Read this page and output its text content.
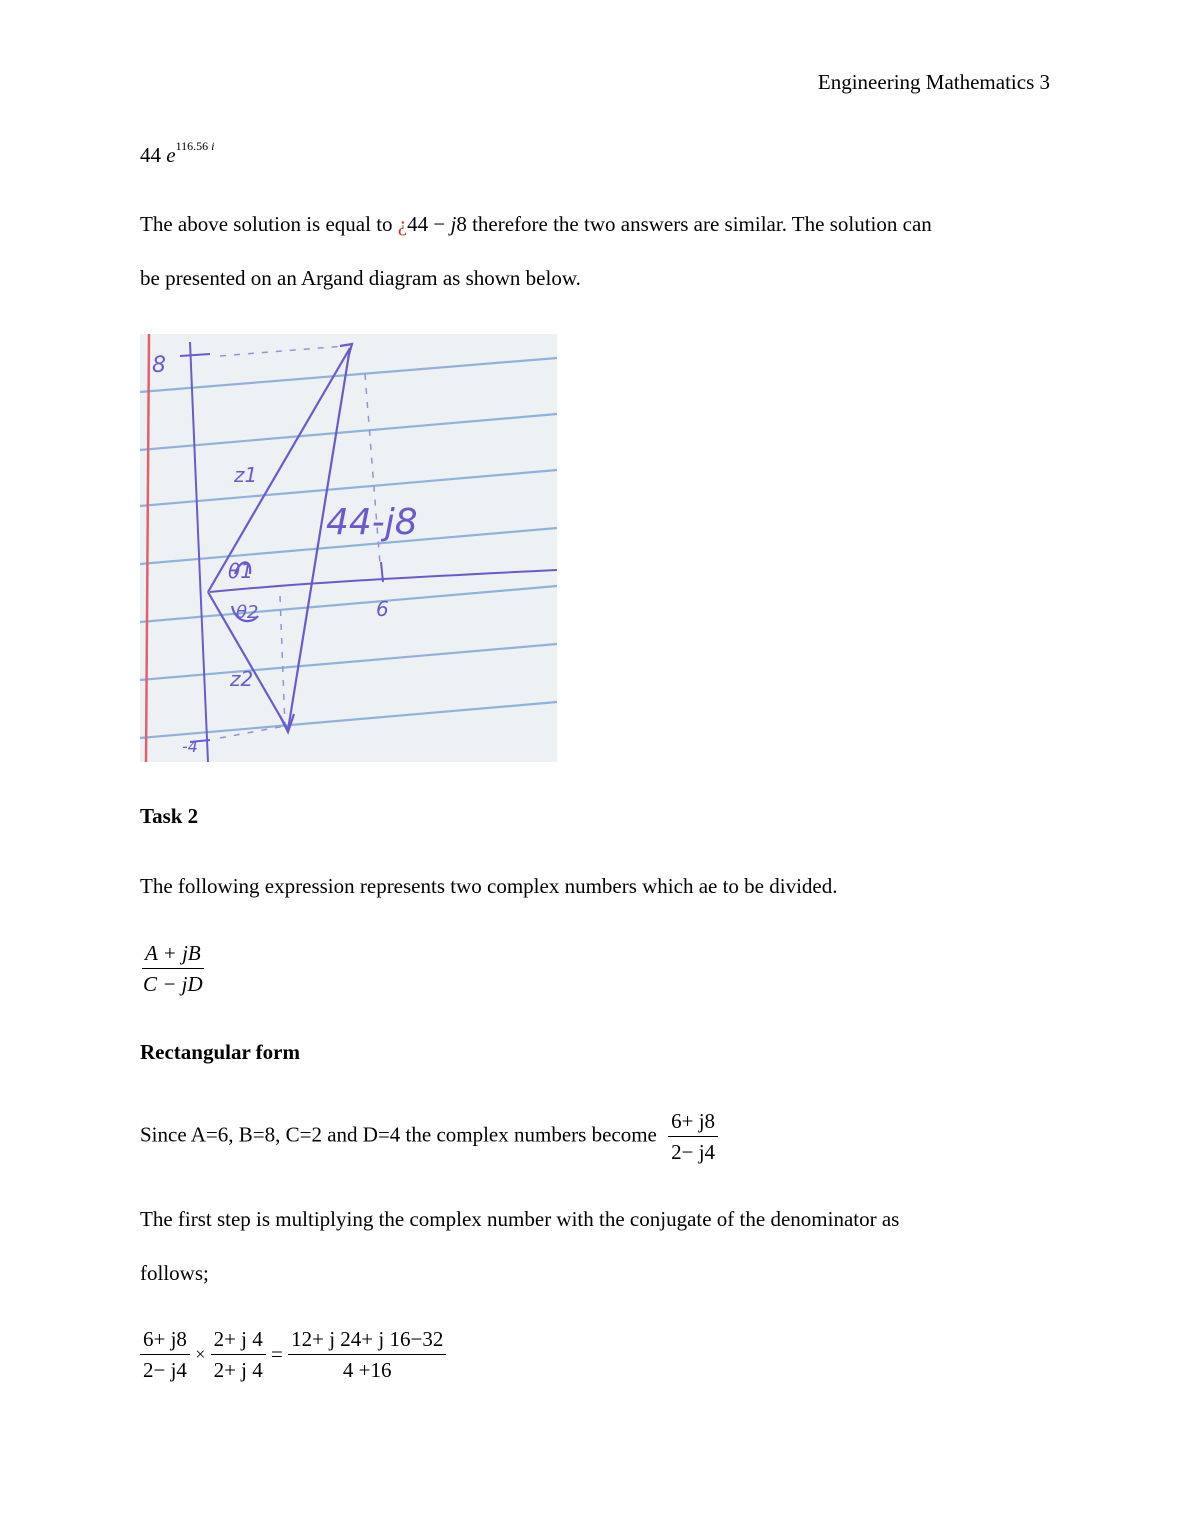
Engineering Mathematics 3
44 $e^{116.56 i}$
The above solution is equal to ¿44 − j8 therefore the two answers are similar. The solution can
be presented on an Argand diagram as shown below.
8
-4
6
z1
z2
θ1
θ2
44-j8
Task 2
The following expression represents two complex numbers which ae to be divided.
$\frac{A + jB}{C - jD}$
Rectangular form
Since A=6, B=8, C=2 and D=4 the complex numbers become $\frac{6+ j8}{2- j4}$
The first step is multiplying the complex number with the conjugate of the denominator as
follows;
$\frac{6+ j8}{2- j4} \times \frac{2+ j 4}{2+ j 4} = \frac{12+ j 24+ j 16-32}{4 +16}$
